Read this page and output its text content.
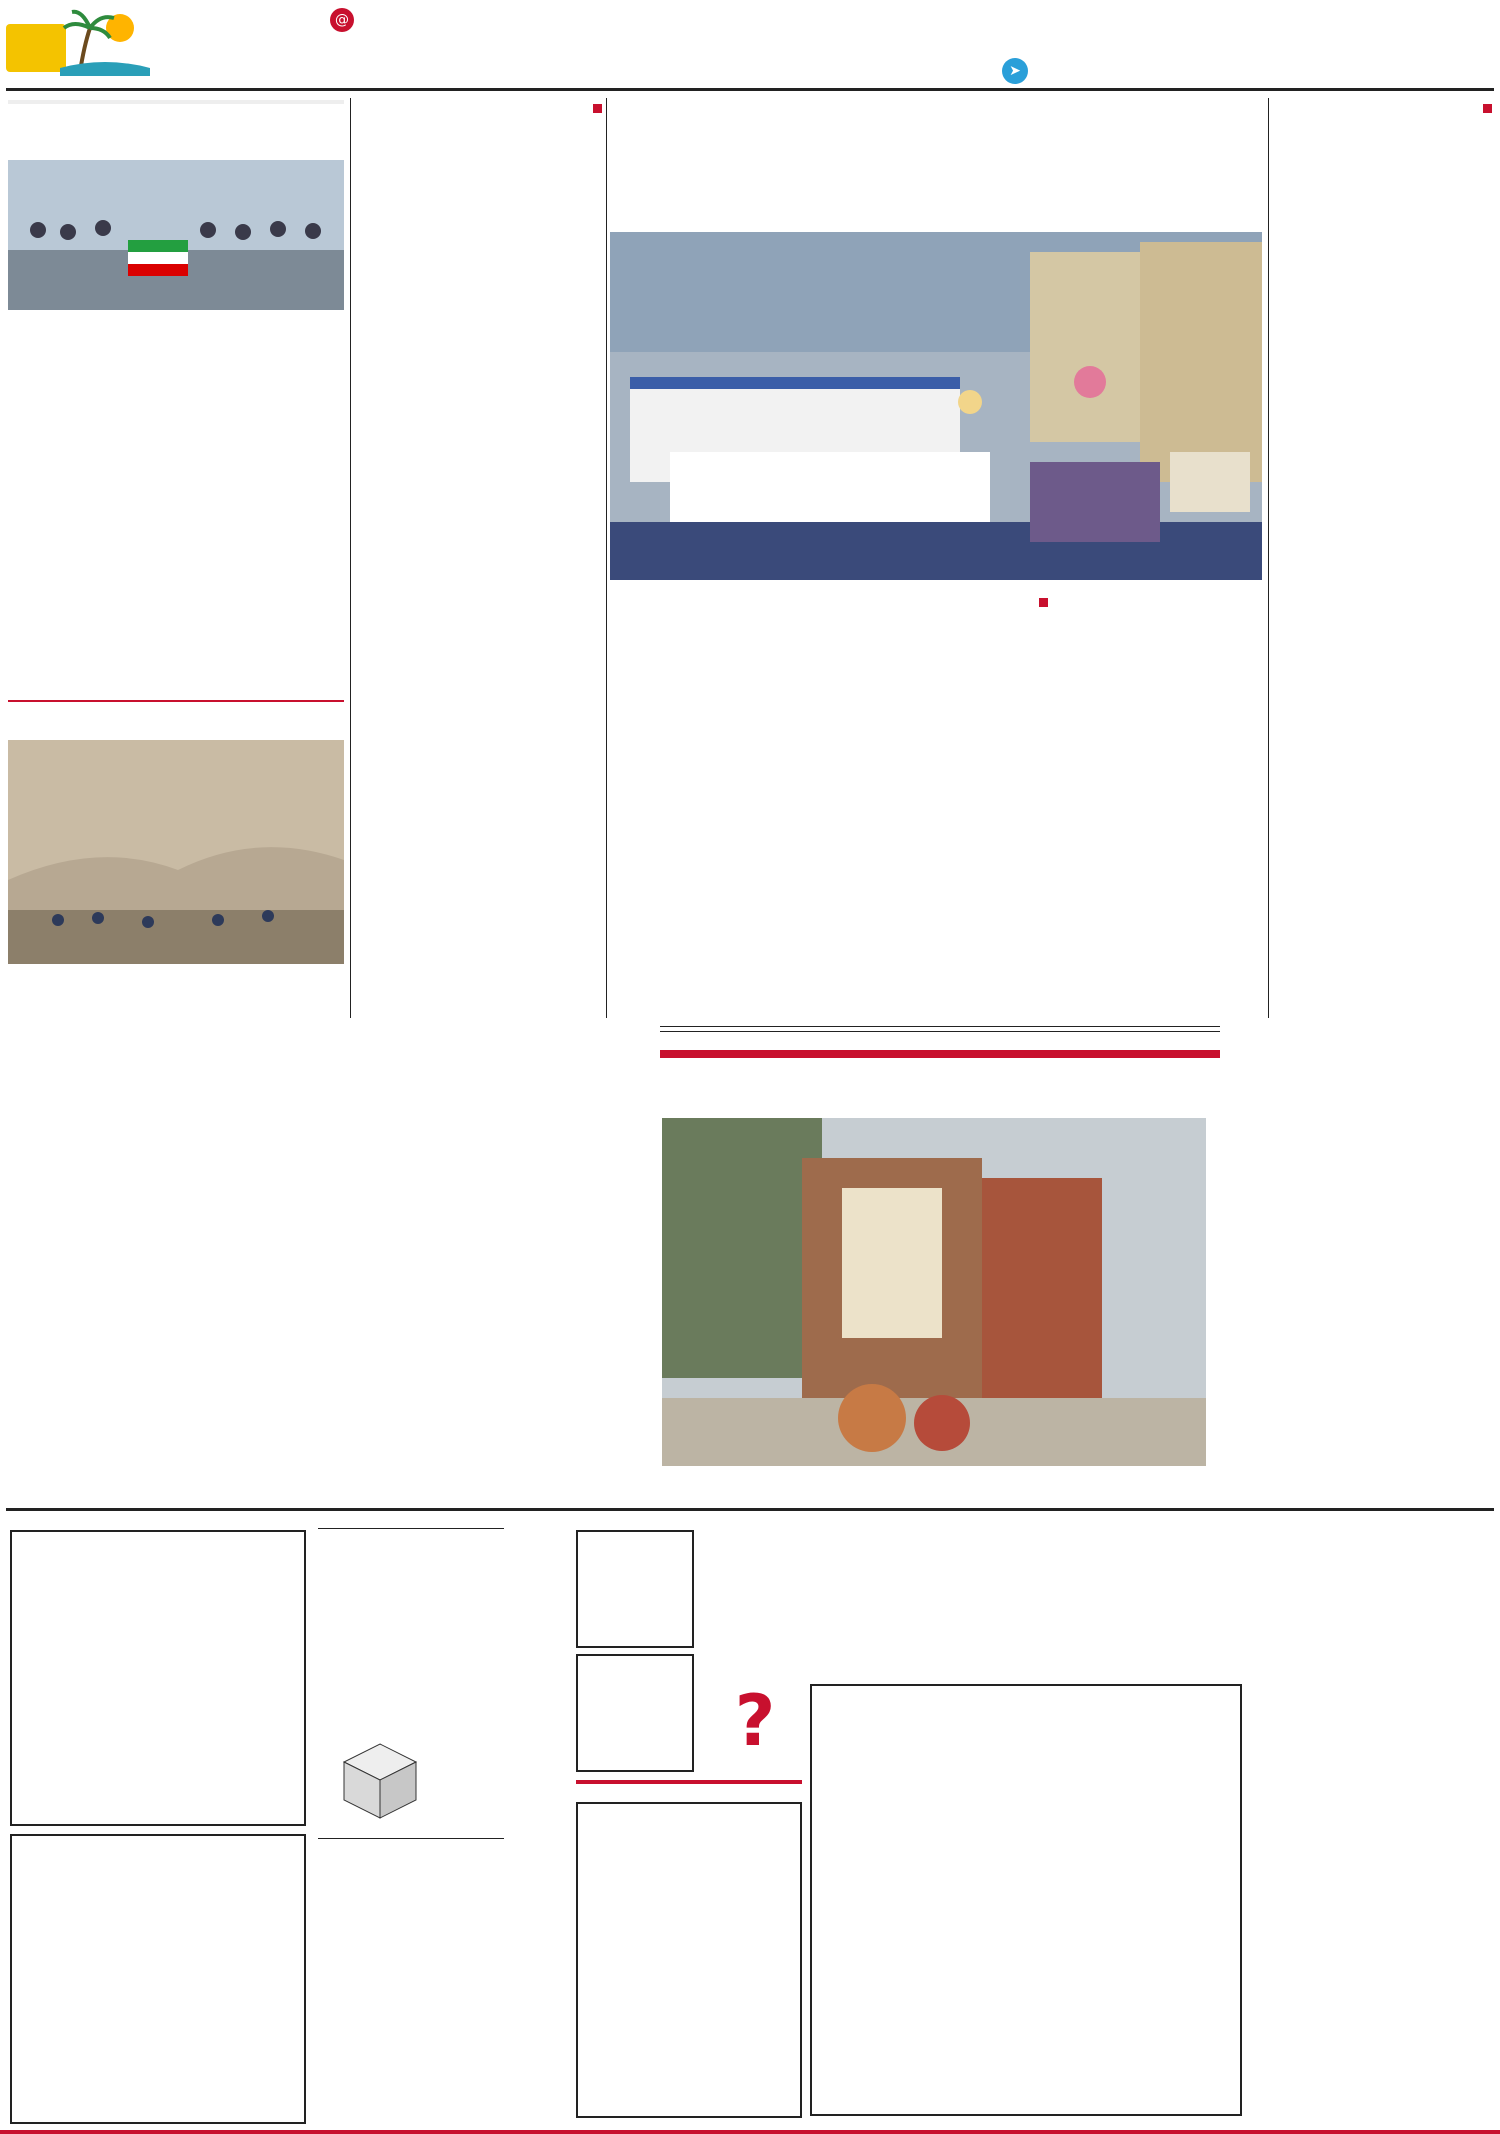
@
➤

?
